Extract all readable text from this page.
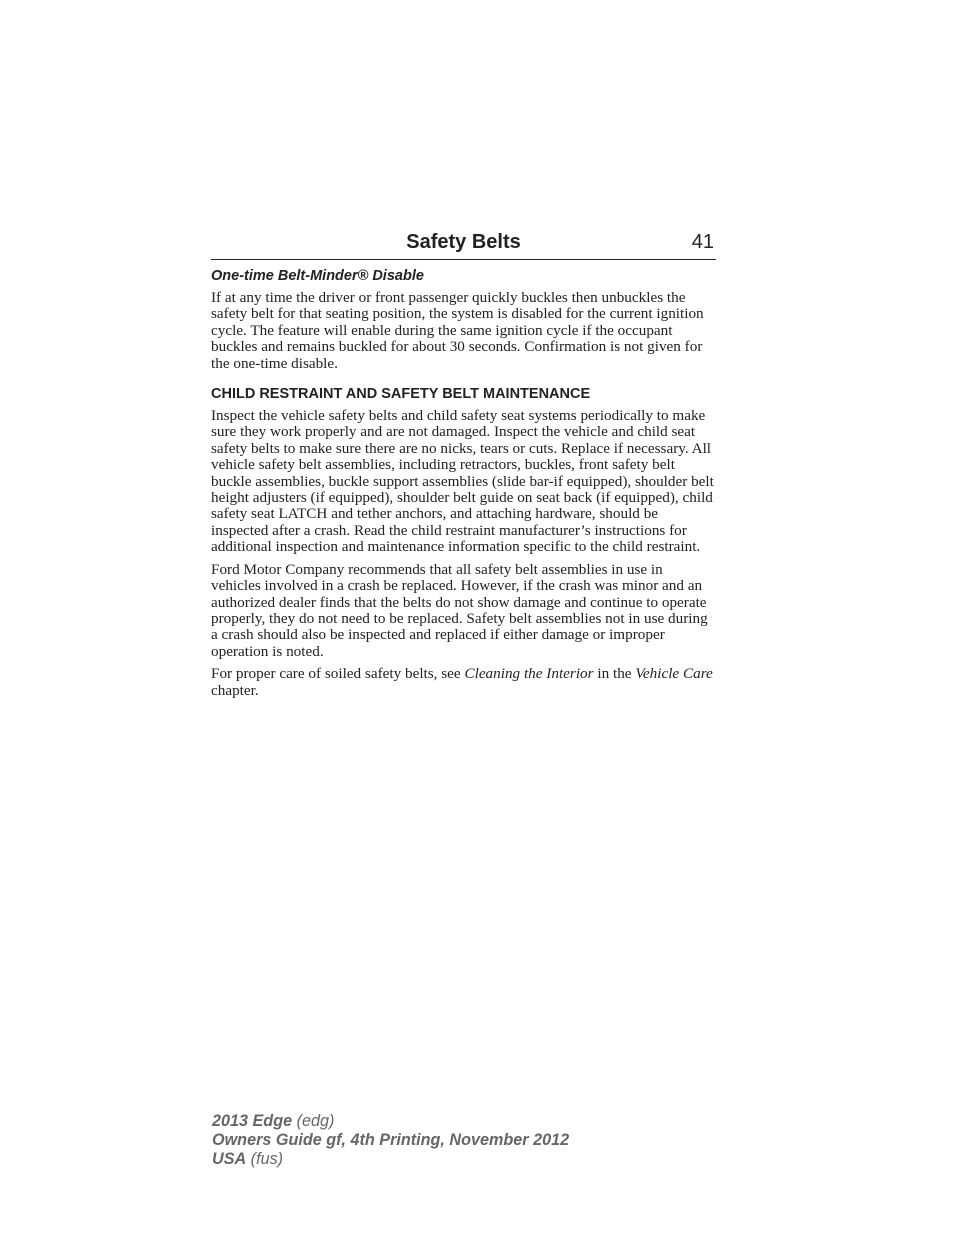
Safety Belts	41
One-time Belt-Minder® Disable

If at any time the driver or front passenger quickly buckles then unbuckles the safety belt for that seating position, the system is disabled for the current ignition cycle. The feature will enable during the same ignition cycle if the occupant buckles and remains buckled for about 30 seconds. Confirmation is not given for the one-time disable.

CHILD RESTRAINT AND SAFETY BELT MAINTENANCE

Inspect the vehicle safety belts and child safety seat systems periodically to make sure they work properly and are not damaged. Inspect the vehicle and child seat safety belts to make sure there are no nicks, tears or cuts. Replace if necessary. All vehicle safety belt assemblies, including retractors, buckles, front safety belt buckle assemblies, buckle support assemblies (slide bar-if equipped), shoulder belt height adjusters (if equipped), shoulder belt guide on seat back (if equipped), child safety seat LATCH and tether anchors, and attaching hardware, should be inspected after a crash. Read the child restraint manufacturer’s instructions for additional inspection and maintenance information specific to the child restraint.

Ford Motor Company recommends that all safety belt assemblies in use in vehicles involved in a crash be replaced. However, if the crash was minor and an authorized dealer finds that the belts do not show damage and continue to operate properly, they do not need to be replaced. Safety belt assemblies not in use during a crash should also be inspected and replaced if either damage or improper operation is noted.

For proper care of soiled safety belts, see Cleaning the Interior in the Vehicle Care chapter.

2013 Edge (edg)
Owners Guide gf, 4th Printing, November 2012
USA (fus)
